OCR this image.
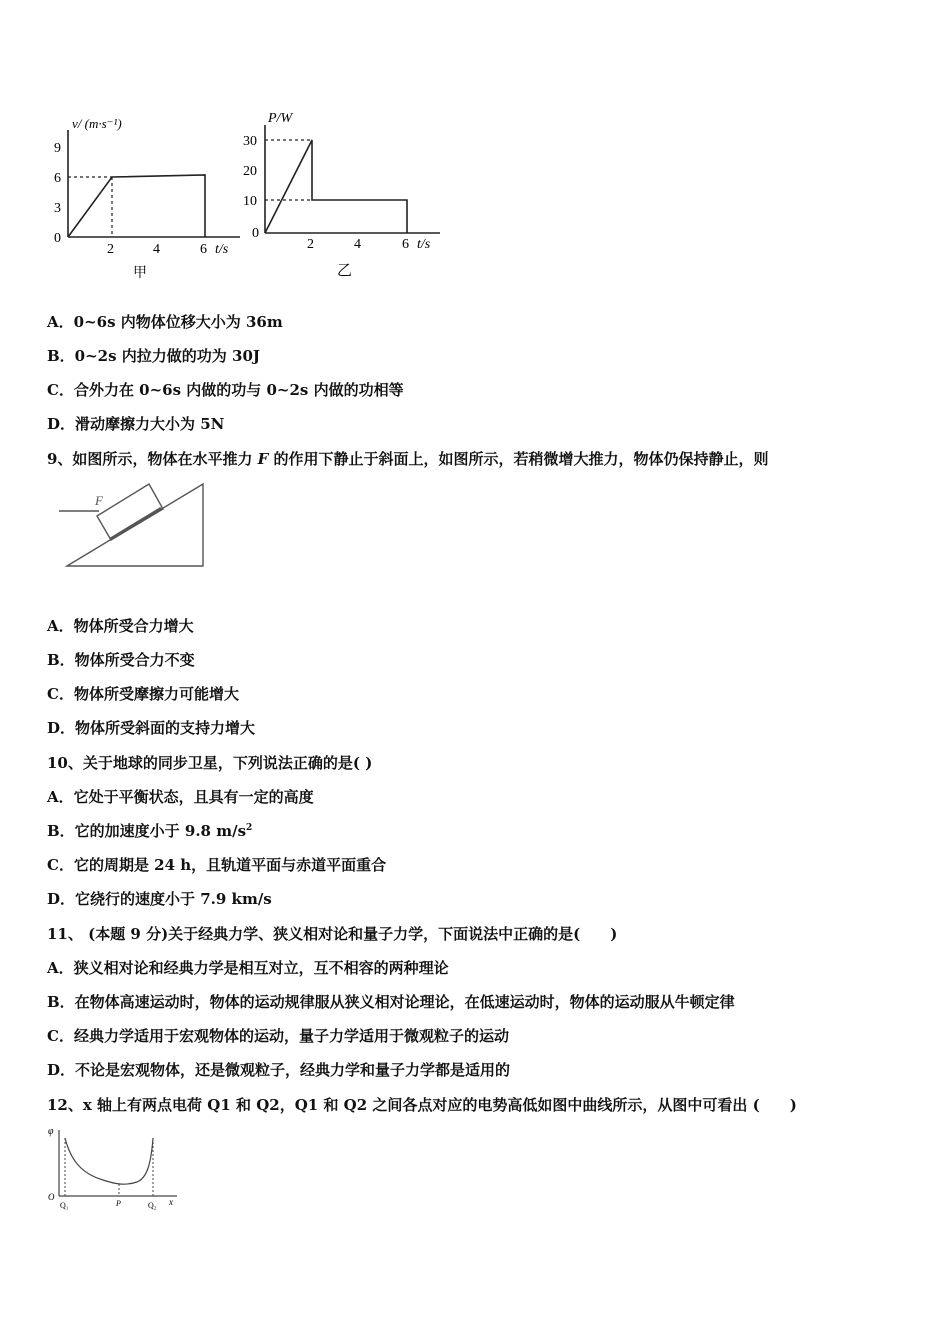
v/ (m·s⁻¹)
9
6
3
0
2	4	6 t/s
甲
P/W
30
20
10
0
2	4	6 t/s
乙
A．0~6s 内物体位移大小为 36m
B．0~2s 内拉力做的功为 30J
C．合外力在 0~6s 内做的功与 0~2s 内做的功相等
D．滑动摩擦力大小为 5N
9、如图所示，物体在水平推力 F 的作用下静止于斜面上，如图所示，若稍微增大推力，物体仍保持静止，则
F
A．物体所受合力增大
B．物体所受合力不变
C．物体所受摩擦力可能增大
D．物体所受斜面的支持力增大
10、关于地球的同步卫星，下列说法正确的是( )
A．它处于平衡状态，且具有一定的高度
B．它的加速度小于 9.8 $m/s^2$
C．它的周期是 24 h，且轨道平面与赤道平面重合
D．它绕行的速度小于 7.9 km/s
11、 (本题 9 分)关于经典力学、狭义相对论和量子力学，下面说法中正确的是(　　)
A．狭义相对论和经典力学是相互对立，互不相容的两种理论
B．在物体高速运动时，物体的运动规律服从狭义相对论理论，在低速运动时，物体的运动服从牛顿定律
C．经典力学适用于宏观物体的运动，量子力学适用于微观粒子的运动
D．不论是宏观物体，还是微观粒子，经典力学和量子力学都是适用的
12、x 轴上有两点电荷 Q1 和 Q2，Q1 和 Q2 之间各点对应的电势高低如图中曲线所示，从图中可看出 (　　)
φ
O
Q₁	P	Q₂ x
